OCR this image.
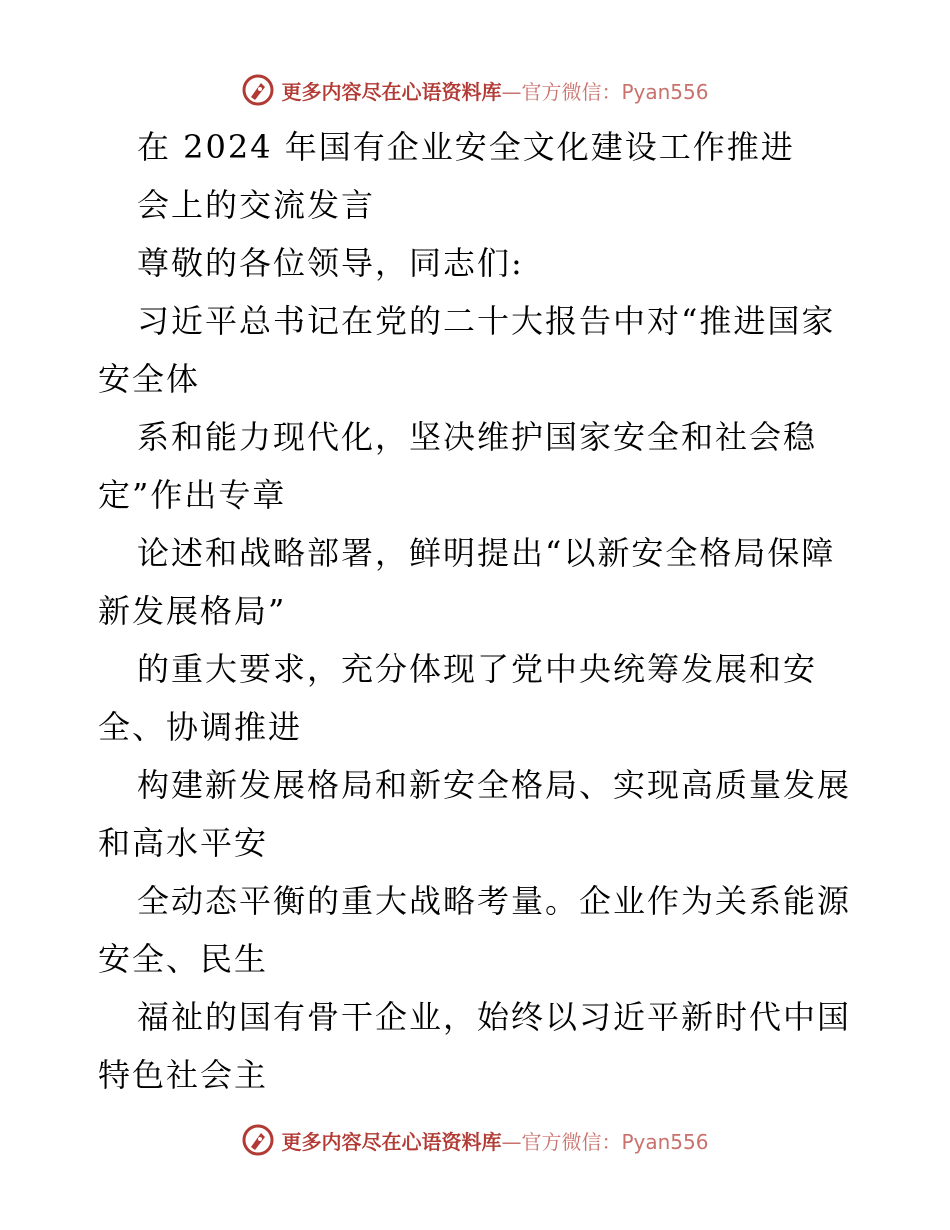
更多内容尽在心语资料库—官方微信：Pyan556
在 2024 年国有企业安全文化建设工作推进
会上的交流发言
尊敬的各位领导，同志们:
习近平总书记在党的二十大报告中对“推进国家
安全体
系和能力现代化，坚决维护国家安全和社会稳
定”作出专章
论述和战略部署，鲜明提出“以新安全格局保障
新发展格局”
的重大要求，充分体现了党中央统筹发展和安
全、协调推进
构建新发展格局和新安全格局、实现高质量发展
和高水平安
全动态平衡的重大战略考量。企业作为关系能源
安全、民生
福祉的国有骨干企业，始终以习近平新时代中国
特色社会主
更多内容尽在心语资料库—官方微信：Pyan556
